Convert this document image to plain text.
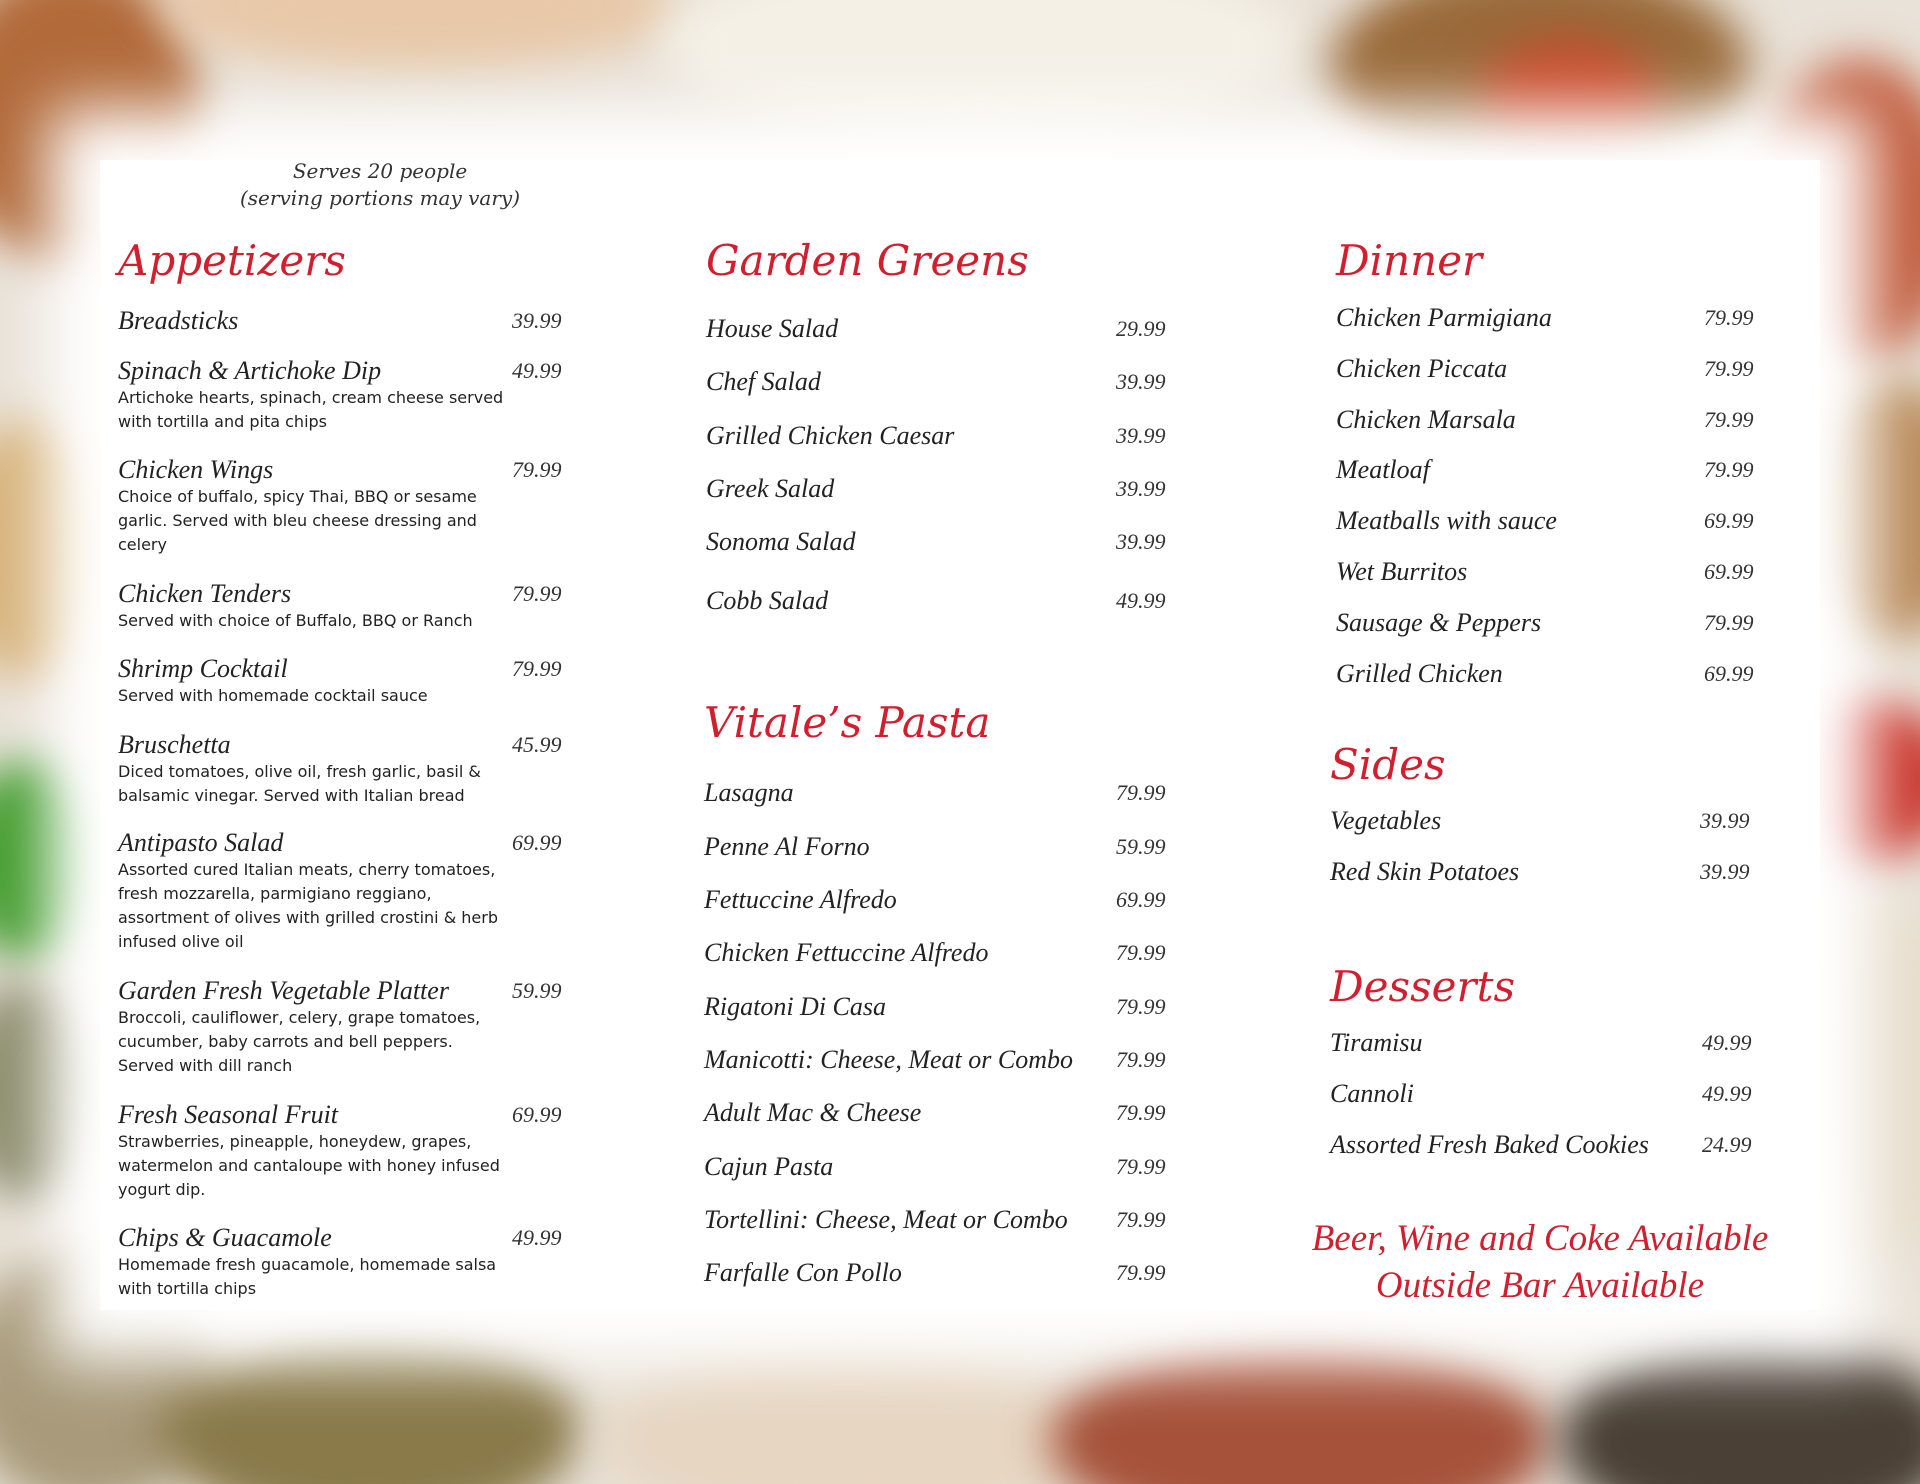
Serves 20 people
(serving portions may vary)
Appetizers
Breadsticks	39.99
Spinach & Artichoke Dip	49.99
Artichoke hearts, spinach, cream cheese served with tortilla and pita chips
Chicken Wings	79.99
Choice of buffalo, spicy Thai, BBQ or sesame garlic. Served with bleu cheese dressing and celery
Chicken Tenders	79.99
Served with choice of Buffalo, BBQ or Ranch
Shrimp Cocktail	79.99
Served with homemade cocktail sauce
Bruschetta	45.99
Diced tomatoes, olive oil, fresh garlic, basil & balsamic vinegar. Served with Italian bread
Antipasto Salad	69.99
Assorted cured Italian meats, cherry tomatoes, fresh mozzarella, parmigiano reggiano, assortment of olives with grilled crostini & herb infused olive oil
Garden Fresh Vegetable Platter	59.99
Broccoli, cauliflower, celery, grape tomatoes, cucumber, baby carrots and bell peppers. Served with dill ranch
Fresh Seasonal Fruit	69.99
Strawberries, pineapple, honeydew, grapes, watermelon and cantaloupe with honey infused yogurt dip.
Chips & Guacamole	49.99
Homemade fresh guacamole, homemade salsa with tortilla chips
Garden Greens
House Salad	29.99
Chef Salad	39.99
Grilled Chicken Caesar	39.99
Greek Salad	39.99
Sonoma Salad	39.99
Cobb Salad	49.99
Vitale’s Pasta
Lasagna	79.99
Penne Al Forno	59.99
Fettuccine Alfredo	69.99
Chicken Fettuccine Alfredo	79.99
Rigatoni Di Casa	79.99
Manicotti: Cheese, Meat or Combo	79.99
Adult Mac & Cheese	79.99
Cajun Pasta	79.99
Tortellini: Cheese, Meat or Combo	79.99
Farfalle Con Pollo	79.99
Dinner
Chicken Parmigiana	79.99
Chicken Piccata	79.99
Chicken Marsala	79.99
Meatloaf	79.99
Meatballs with sauce	69.99
Wet Burritos	69.99
Sausage & Peppers	79.99
Grilled Chicken	69.99
Sides
Vegetables	39.99
Red Skin Potatoes	39.99
Desserts
Tiramisu	49.99
Cannoli	49.99
Assorted Fresh Baked Cookies	24.99
Beer, Wine and Coke Available
Outside Bar Available
